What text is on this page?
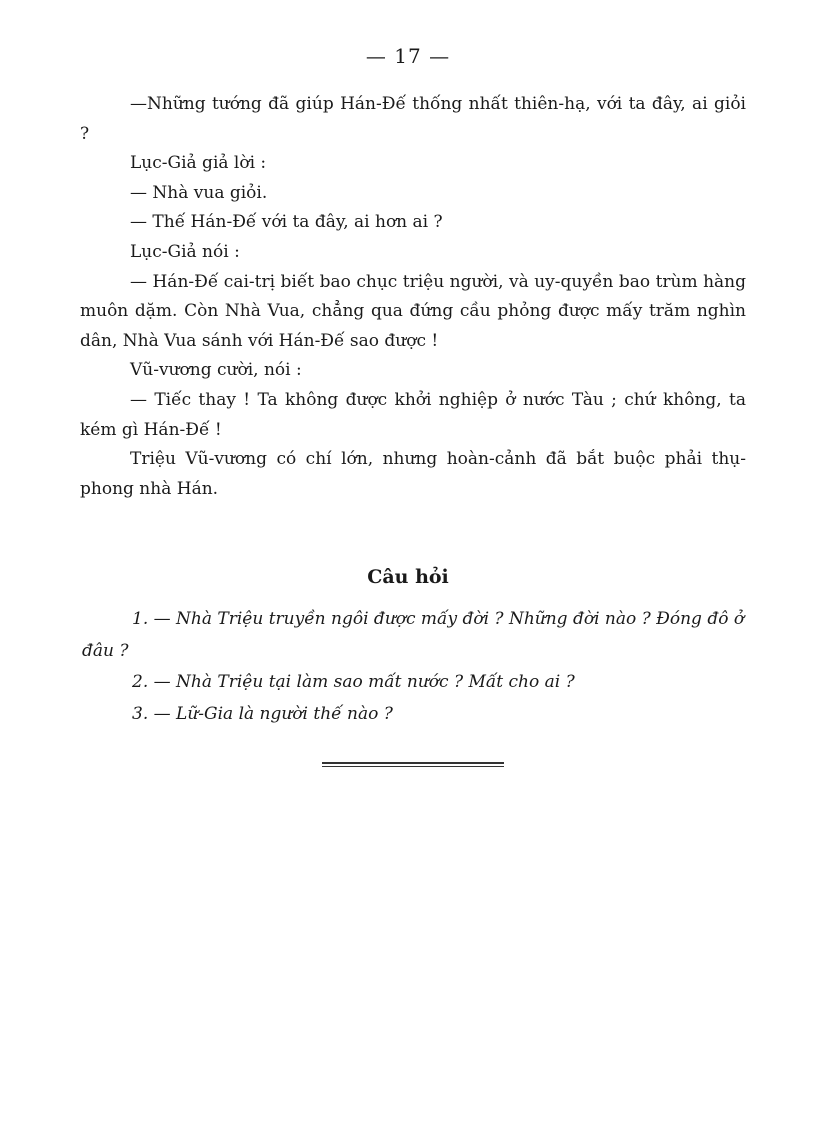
— 17 —

—Những tướng đã giúp Hán-Đế thống nhất thiên-hạ, với ta đây, ai giỏi ?

Lục-Giả giả lời :

— Nhà vua giỏi.

— Thế Hán-Đế với ta đây, ai hơn ai ?

Lục-Giả nói :

— Hán-Đế cai-trị biết bao chục triệu người, và uy-quyền bao trùm hàng muôn dặm. Còn Nhà Vua, chẳng qua đứng cầu phỏng được mấy trăm nghìn dân, Nhà Vua sánh với Hán-Đế sao được !

Vũ-vương cười, nói :

— Tiếc thay ! Ta không được khởi nghiệp ở nước Tàu ; chứ không, ta kém gì Hán-Đế !

Triệu Vũ-vương có chí lớn, nhưng hoàn-cảnh đã bắt buộc phải thụ-phong nhà Hán.

Câu hỏi

1. — Nhà Triệu truyền ngôi được mấy đời ? Những đời nào ? Đóng đô ở đâu ?

2. — Nhà Triệu tại làm sao mất nước ? Mất cho ai ?

3. — Lữ-Gia là người thế nào ?
